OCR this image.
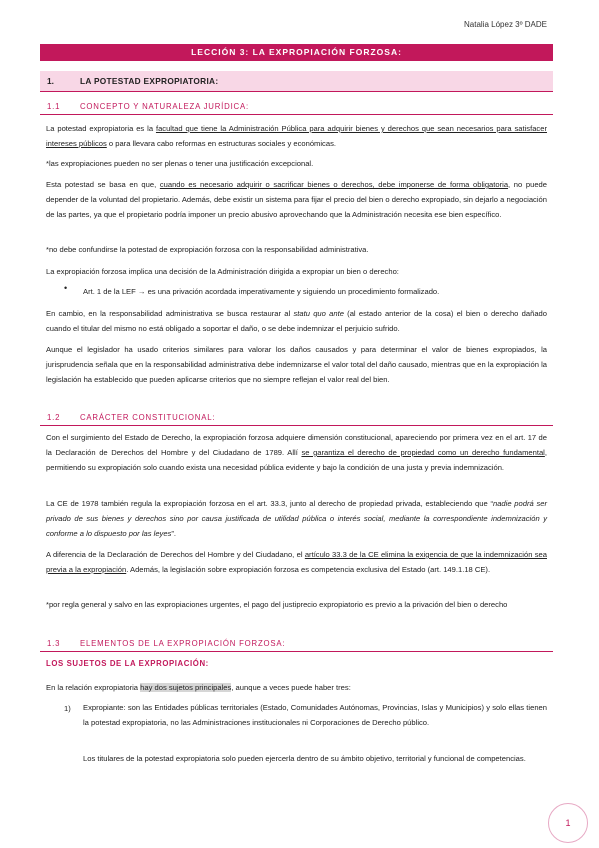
Natalia López 3º DADE
LECCIÓN 3: LA EXPROPIACIÓN FORZOSA:
1.	LA POTESTAD EXPROPIATORIA:
1.1	CONCEPTO Y NATURALEZA JURÍDICA:

La potestad expropiatoria es la facultad que tiene la Administración Pública para adquirir bienes y derechos que sean necesarios para satisfacer intereses públicos o para llevara cabo reformas en estructuras sociales y económicas.

*las expropiaciones pueden no ser plenas o tener una justificación excepcional.

Esta potestad se basa en que, cuando es necesario adquirir o sacrificar bienes o derechos, debe imponerse de forma obligatoria, no puede depender de la voluntad del propietario. Además, debe existir un sistema para fijar el precio del bien o derecho expropiado, sin dejarlo a negociación de las partes, ya que el propietario podría imponer un precio abusivo aprovechando que la Administración necesita ese bien específico.

*no debe confundirse la potestad de expropiación forzosa con la responsabilidad administrativa.

La expropiación forzosa implica una decisión de la Administración dirigida a expropiar un bien o derecho:

• Art. 1 de la LEF → es una privación acordada imperativamente y siguiendo un procedimiento formalizado.

En cambio, en la responsabilidad administrativa se busca restaurar al statu quo ante (al estado anterior de la cosa) el bien o derecho dañado cuando el titular del mismo no está obligado a soportar el daño, o se debe indemnizar el perjuicio sufrido.

Aunque el legislador ha usado criterios similares para valorar los daños causados y para determinar el valor de bienes expropiados, la jurisprudencia señala que en la responsabilidad administrativa debe indemnizarse el valor total del daño causado, mientras que en la expropiación la legislación ha establecido que pueden aplicarse criterios que no siempre reflejan el valor real del bien.

1.2	CARÁCTER CONSTITUCIONAL:

Con el surgimiento del Estado de Derecho, la expropiación forzosa adquiere dimensión constitucional, apareciendo por primera vez en el art. 17 de la Declaración de Derechos del Hombre y del Ciudadano de 1789. Allí se garantiza el derecho de propiedad como un derecho fundamental, permitiendo su expropiación solo cuando exista una necesidad pública evidente y bajo la condición de una justa y previa indemnización.

La CE de 1978 también regula la expropiación forzosa en el art. 33.3, junto al derecho de propiedad privada, estableciendo que “nadie podrá ser privado de sus bienes y derechos sino por causa justificada de utilidad pública o interés social, mediante la correspondiente indemnización y conforme a lo dispuesto por las leyes”.

A diferencia de la Declaración de Derechos del Hombre y del Ciudadano, el artículo 33.3 de la CE elimina la exigencia de que la indemnización sea previa a la expropiación. Además, la legislación sobre expropiación forzosa es competencia exclusiva del Estado (art. 149.1.18 CE).

*por regla general y salvo en las expropiaciones urgentes, el pago del justiprecio expropiatorio es previo a la privación del bien o derecho

1.3	ELEMENTOS DE LA EXPROPIACIÓN FORZOSA:
LOS SUJETOS DE LA EXPROPIACIÓN:

En la relación expropiatoria hay dos sujetos principales, aunque a veces puede haber tres:

1) Expropiante: son las Entidades públicas territoriales (Estado, Comunidades Autónomas, Provincias, Islas y Municipios) y solo ellas tienen la potestad expropiatoria, no las Administraciones institucionales ni Corporaciones de Derecho público.

Los titulares de la potestad expropiatoria solo pueden ejercerla dentro de su ámbito objetivo, territorial y funcional de competencias.

1
